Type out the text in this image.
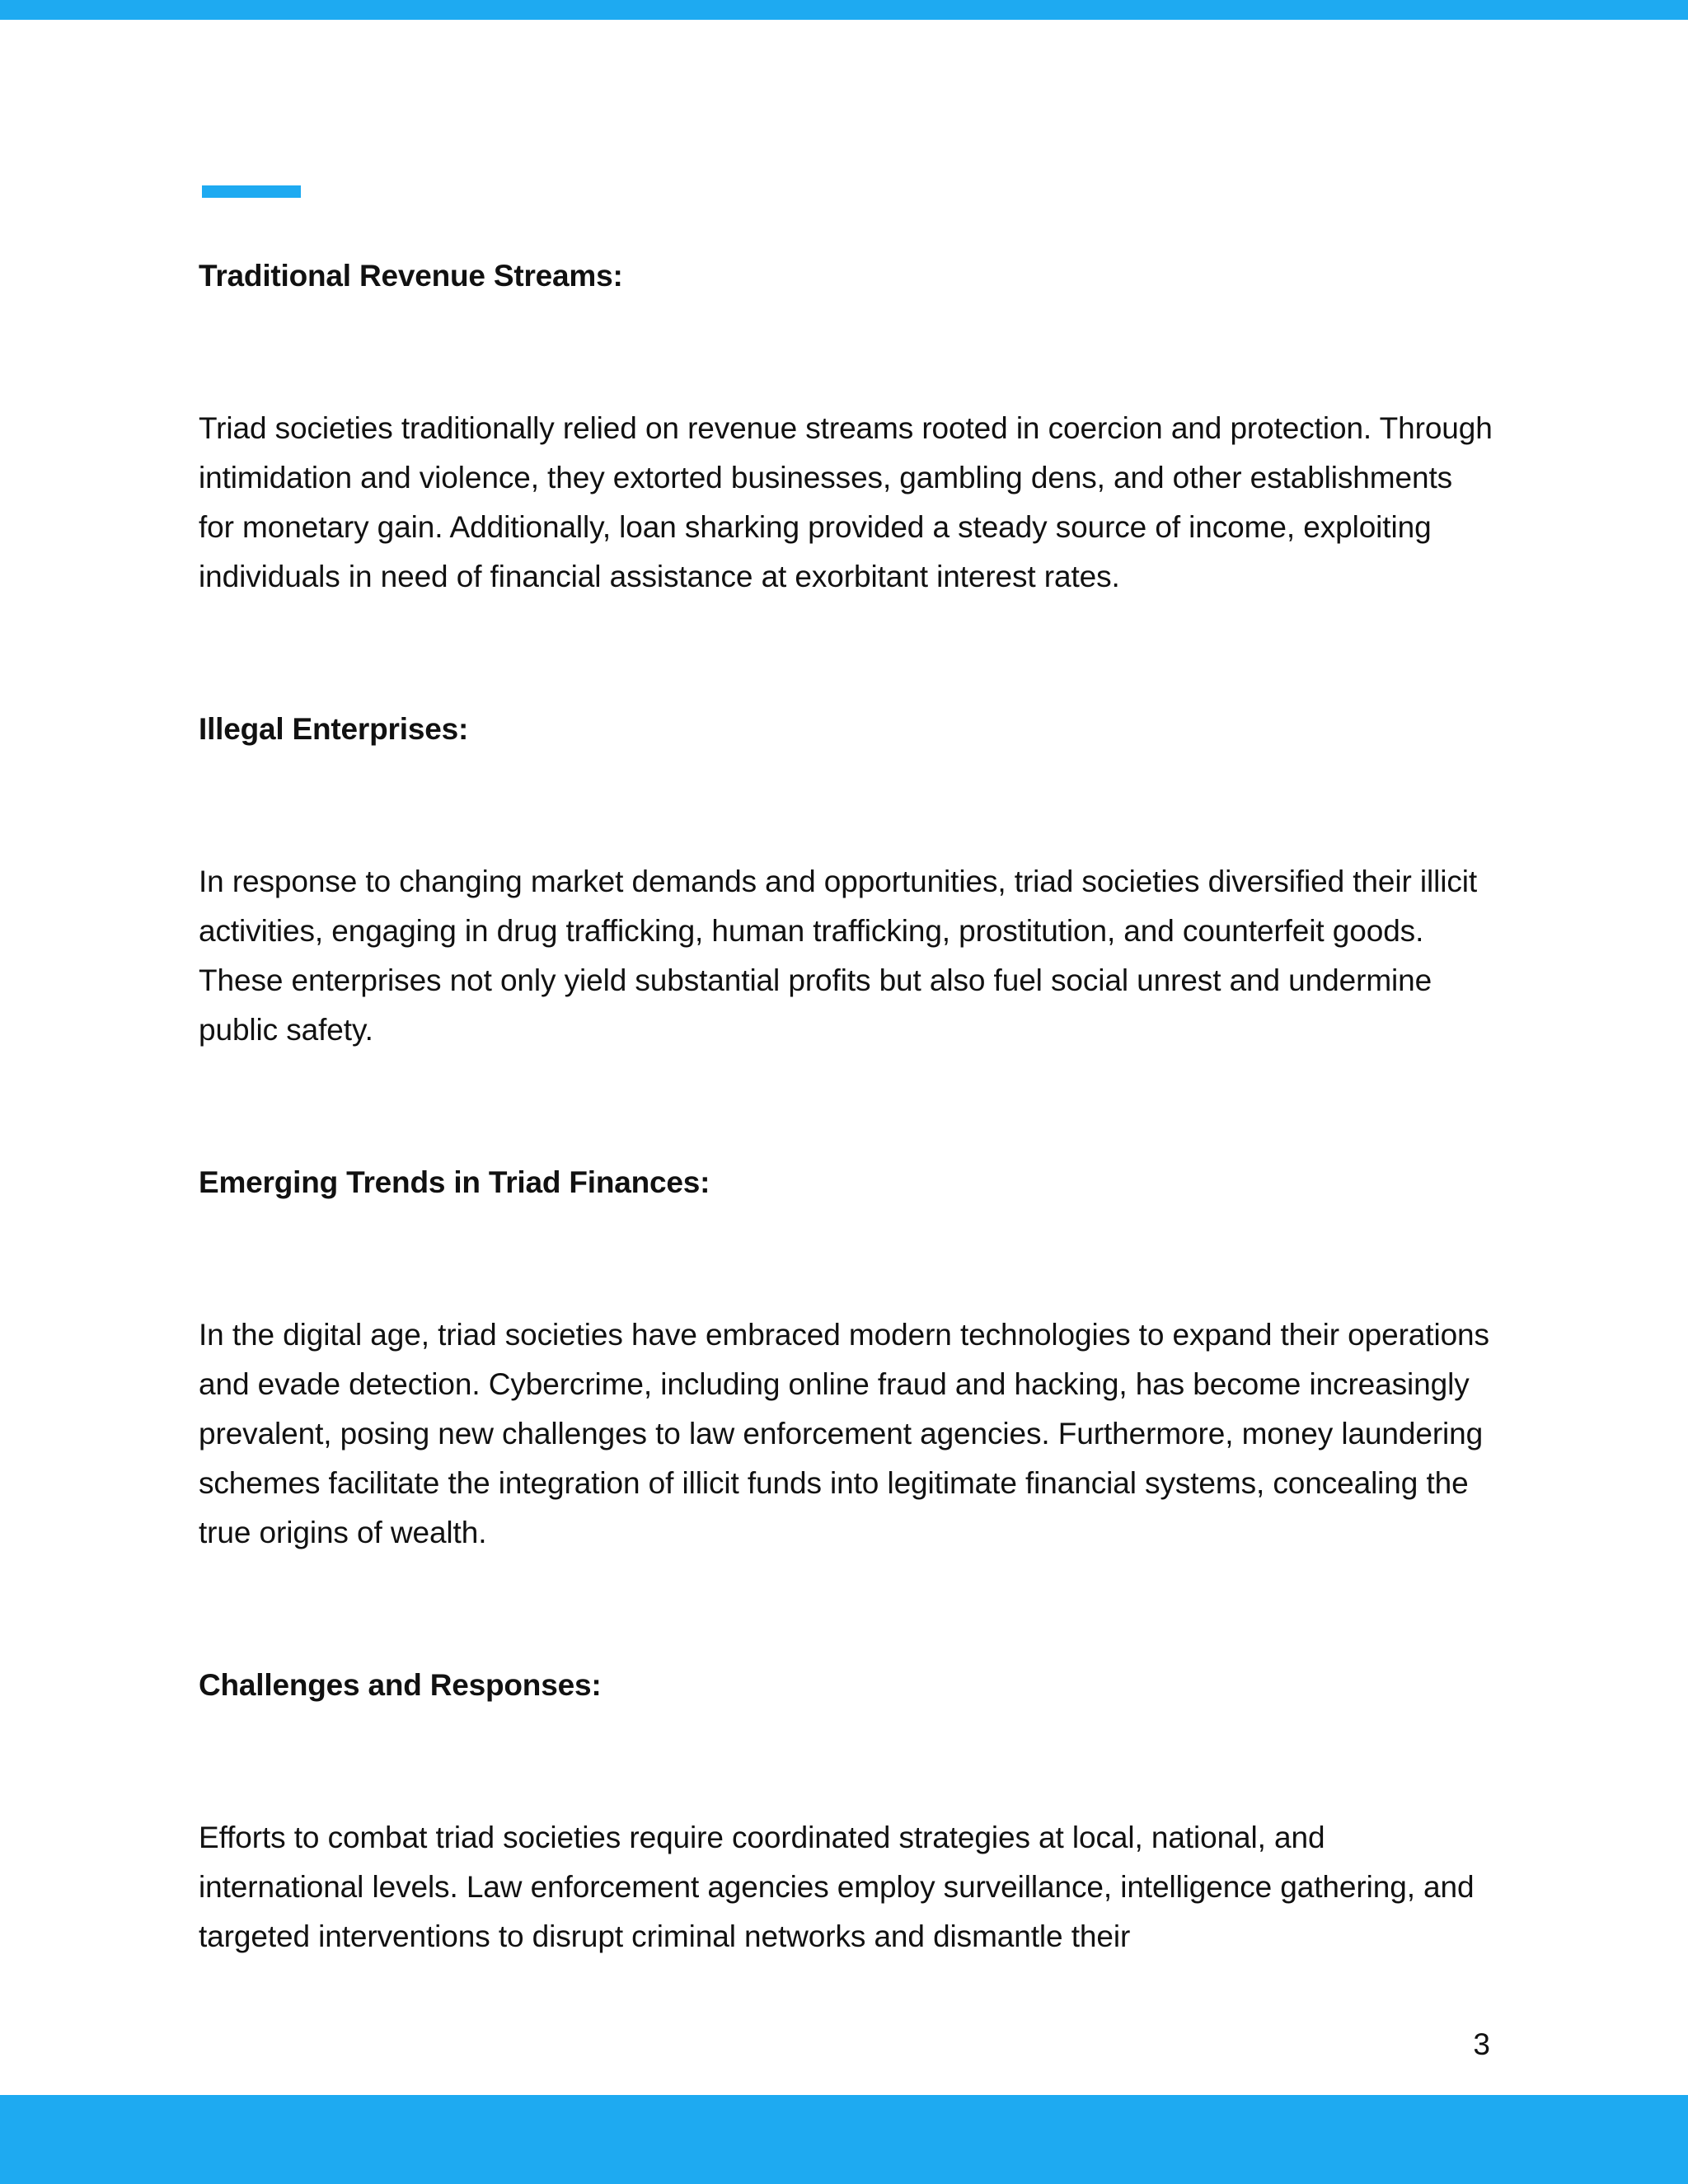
Traditional Revenue Streams:

Triad societies traditionally relied on revenue streams rooted in coercion and protection. Through intimidation and violence, they extorted businesses, gambling dens, and other establishments for monetary gain. Additionally, loan sharking provided a steady source of income, exploiting individuals in need of financial assistance at exorbitant interest rates.

Illegal Enterprises:

In response to changing market demands and opportunities, triad societies diversified their illicit activities, engaging in drug trafficking, human trafficking, prostitution, and counterfeit goods. These enterprises not only yield substantial profits but also fuel social unrest and undermine public safety.

Emerging Trends in Triad Finances:

In the digital age, triad societies have embraced modern technologies to expand their operations and evade detection. Cybercrime, including online fraud and hacking, has become increasingly prevalent, posing new challenges to law enforcement agencies. Furthermore, money laundering schemes facilitate the integration of illicit funds into legitimate financial systems, concealing the true origins of wealth.

Challenges and Responses:

Efforts to combat triad societies require coordinated strategies at local, national, and international levels. Law enforcement agencies employ surveillance, intelligence gathering, and targeted interventions to disrupt criminal networks and dismantle their

3
